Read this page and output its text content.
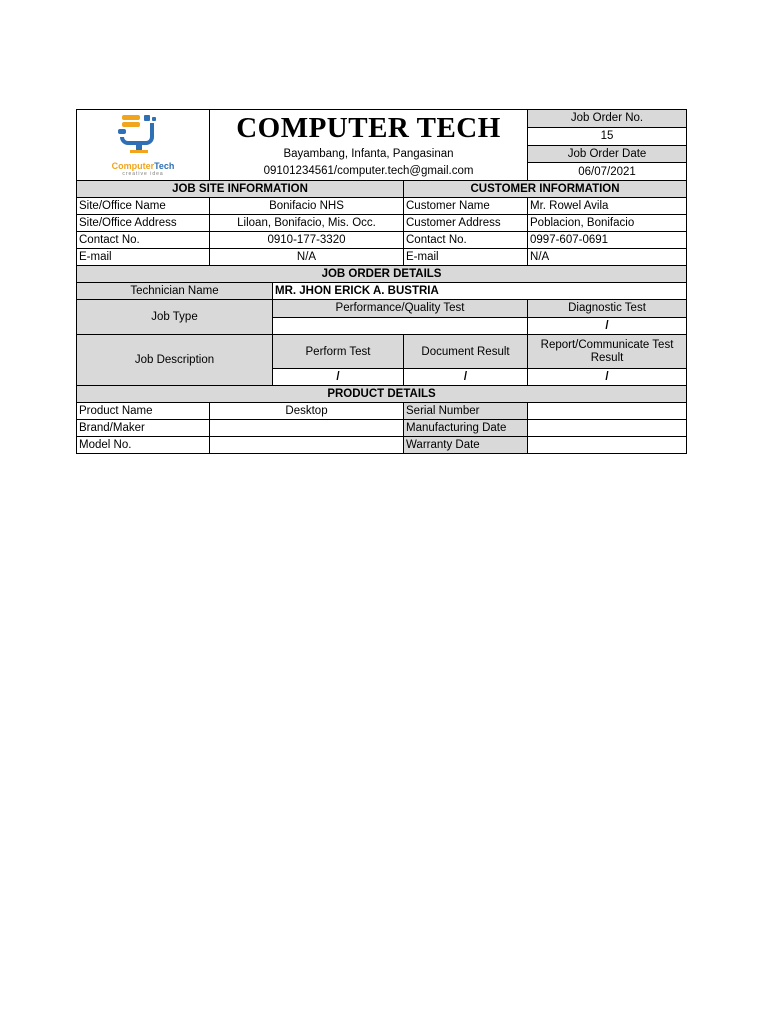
ComputerTech
creative idea	COMPUTER TECH		Job Order No.
			15
	Bayambang, Infanta, Pangasinan		Job Order Date
	09101234561/computer.tech@gmail.com		06/07/2021
JOB SITE INFORMATION		CUSTOMER INFORMATION	
Site/Office Name	Bonifacio NHS	Customer Name	Mr. Rowel Avila
Site/Office Address	Liloan, Bonifacio, Mis. Occ.	Customer Address	Poblacion, Bonifacio
Contact No.	0910-177-3320	Contact No.	0997-607-0691
E-mail	N/A	E-mail	N/A
JOB ORDER DETAILS			
Technician Name	MR. JHON ERICK A. BUSTRIA		
Job Type	Performance/Quality Test		Diagnostic Test
			/
Job Description	Perform Test	Document Result	Report/Communicate Test Result
	/	/	/
PRODUCT DETAILS			
Product Name	Desktop	Serial Number	
Brand/Maker		Manufacturing Date	
Model No.		Warranty Date	
